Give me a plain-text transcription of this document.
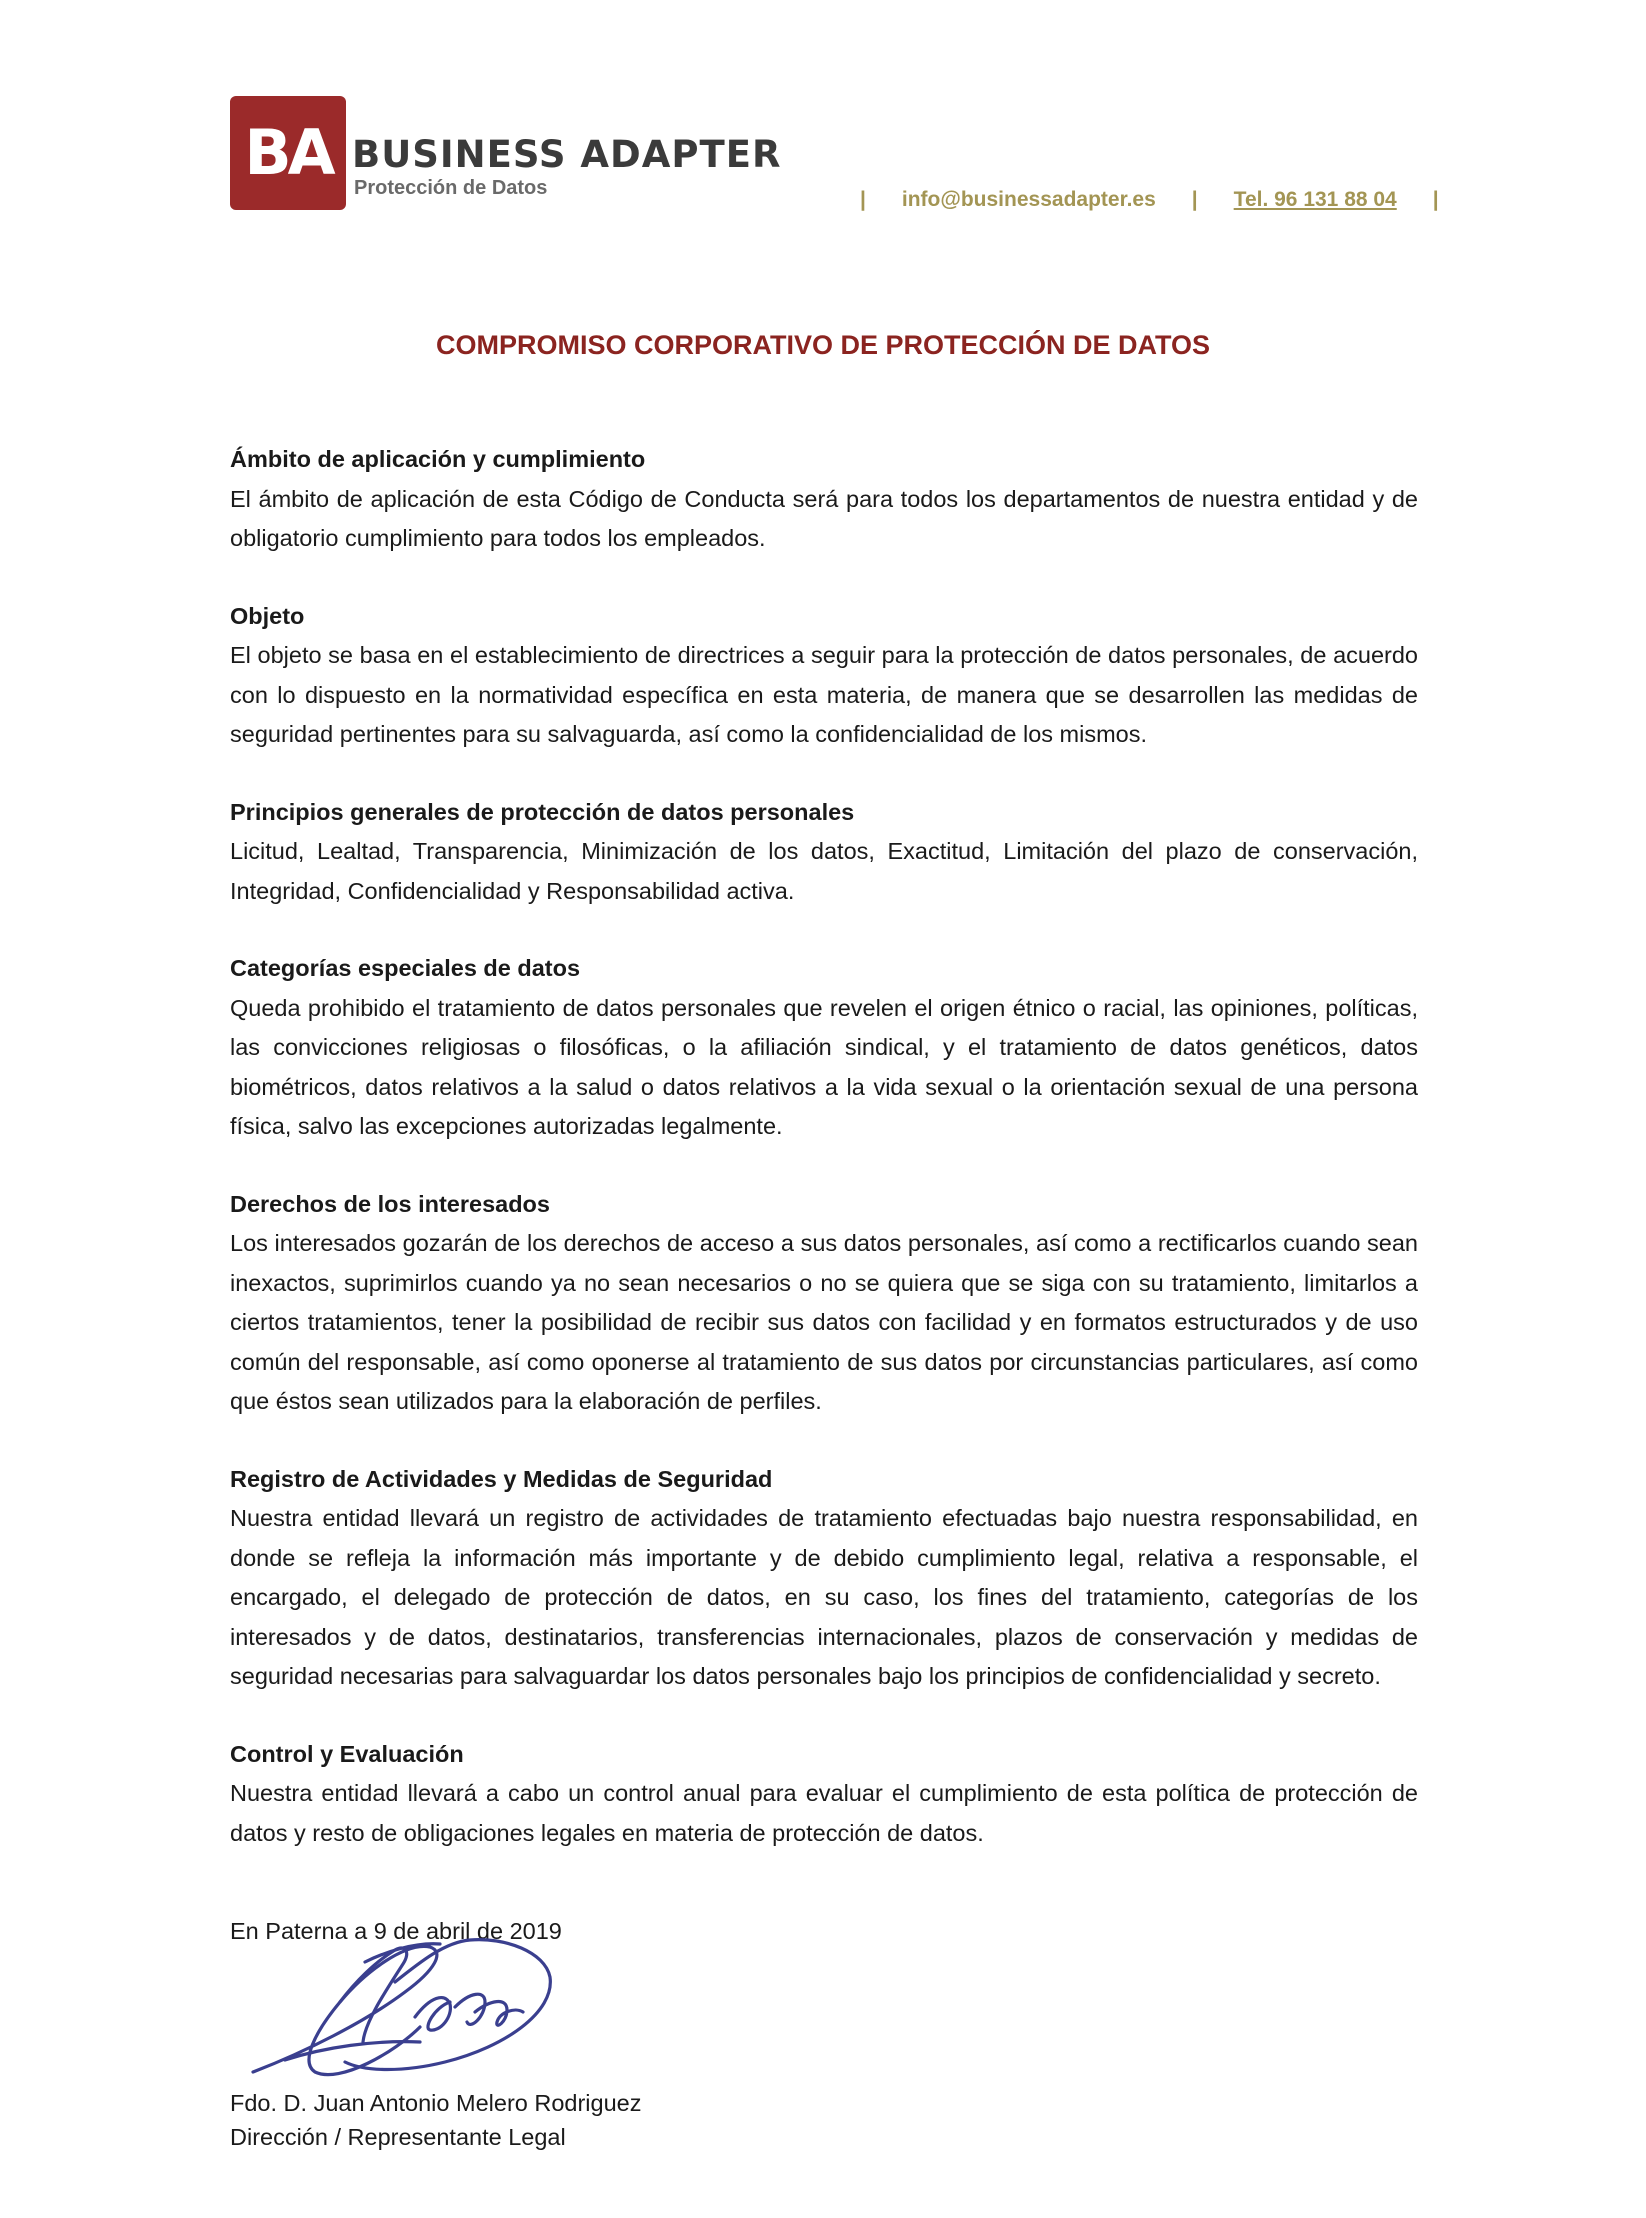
BA BUSINESS ADAPTER
Protección de Datos	| info@businessadapter.es | Tel. 96 131 88 04 |
COMPROMISO CORPORATIVO DE PROTECCIÓN DE DATOS
Ámbito de aplicación y cumplimiento

El ámbito de aplicación de esta Código de Conducta será para todos los departamentos de nuestra entidad y de obligatorio cumplimiento para todos los empleados.

Objeto

El objeto se basa en el establecimiento de directrices a seguir para la protección de datos personales, de acuerdo con lo dispuesto en la normatividad específica en esta materia, de manera que se desarrollen las medidas de seguridad pertinentes para su salvaguarda, así como la confidencialidad de los mismos.

Principios generales de protección de datos personales

Licitud, Lealtad, Transparencia, Minimización de los datos, Exactitud, Limitación del plazo de conservación, Integridad, Confidencialidad y Responsabilidad activa.

Categorías especiales de datos

Queda prohibido el tratamiento de datos personales que revelen el origen étnico o racial, las opiniones, políticas, las convicciones religiosas o filosóficas, o la afiliación sindical, y el tratamiento de datos genéticos, datos biométricos, datos relativos a la salud o datos relativos a la vida sexual o la orientación sexual de una persona física, salvo las excepciones autorizadas legalmente.

Derechos de los interesados

Los interesados gozarán de los derechos de acceso a sus datos personales, así como a rectificarlos cuando sean inexactos, suprimirlos cuando ya no sean necesarios o no se quiera que se siga con su tratamiento, limitarlos a ciertos tratamientos, tener la posibilidad de recibir sus datos con facilidad y en formatos estructurados y de uso común del responsable, así como oponerse al tratamiento de sus datos por circunstancias particulares, así como que éstos sean utilizados para la elaboración de perfiles.

Registro de Actividades y Medidas de Seguridad

Nuestra entidad llevará un registro de actividades de tratamiento efectuadas bajo nuestra responsabilidad, en donde se refleja la información más importante y de debido cumplimiento legal, relativa a responsable, el encargado, el delegado de protección de datos, en su caso, los fines del tratamiento, categorías de los interesados y de datos, destinatarios, transferencias internacionales, plazos de conservación y medidas de seguridad necesarias para salvaguardar los datos personales bajo los principios de confidencialidad y secreto.

Control y Evaluación

Nuestra entidad llevará a cabo un control anual para evaluar el cumplimiento de esta política de protección de datos y resto de obligaciones legales en materia de protección de datos.

En Paterna a 9 de abril de 2019
Fdo. D. Juan Antonio Melero Rodriguez
Dirección / Representante Legal
